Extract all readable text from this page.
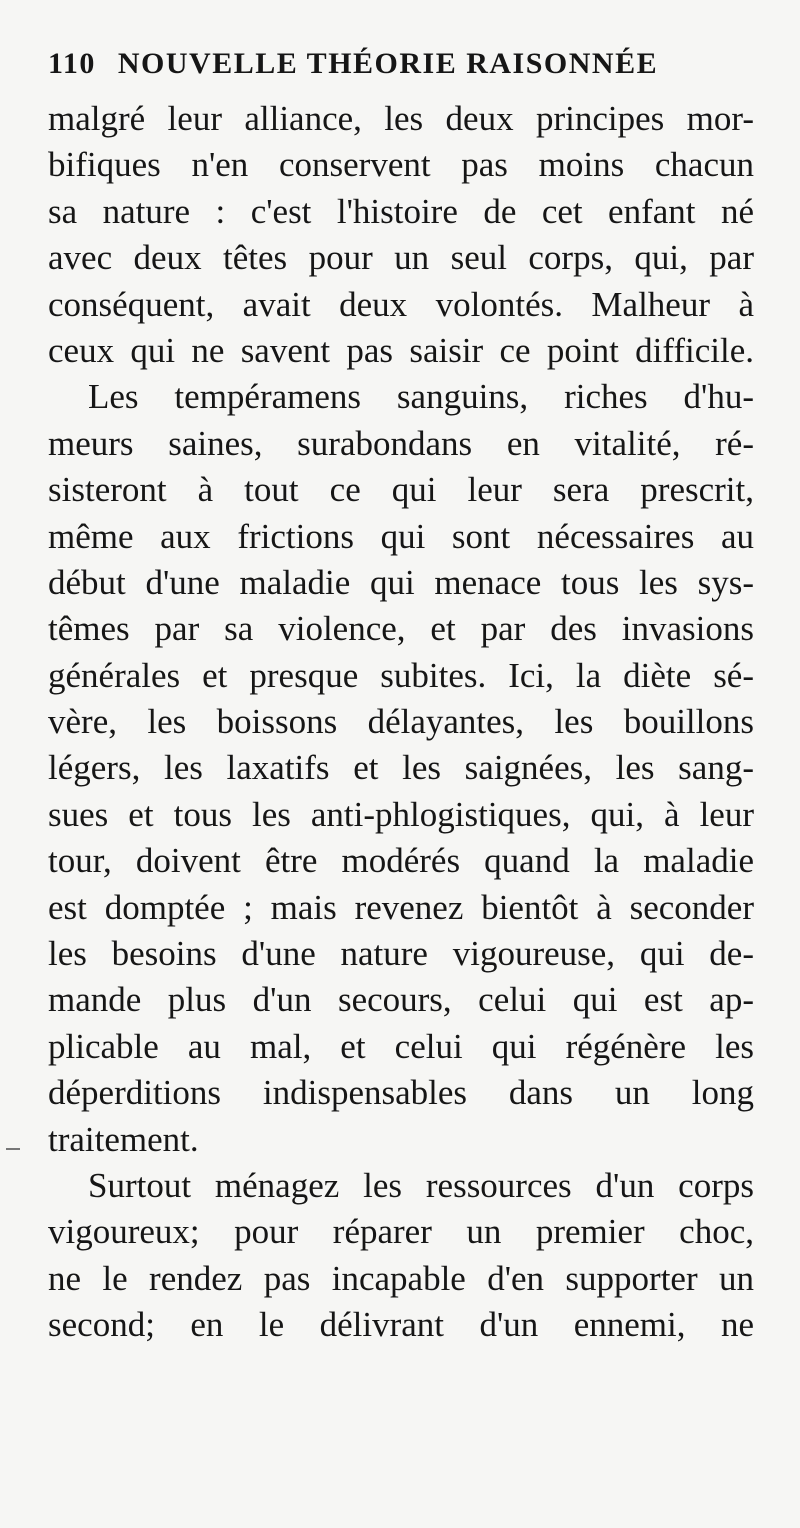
110 NOUVELLE THÉORIE RAISONNÉE
malgré leur alliance, les deux principes mor-
bifiques n'en conservent pas moins chacun
sa nature : c'est l'histoire de cet enfant né
avec deux têtes pour un seul corps, qui, par
conséquent, avait deux volontés. Malheur à
ceux qui ne savent pas saisir ce point difficile.
Les tempéramens sanguins, riches d'hu-
meurs saines, surabondans en vitalité, ré-
sisteront à tout ce qui leur sera prescrit,
même aux frictions qui sont nécessaires au
début d'une maladie qui menace tous les sys-
têmes par sa violence, et par des invasions
générales et presque subites. Ici, la diète sé-
vère, les boissons délayantes, les bouillons
légers, les laxatifs et les saignées, les sang-
sues et tous les anti-phlogistiques, qui, à leur
tour, doivent être modérés quand la maladie
est domptée ; mais revenez bientôt à seconder
les besoins d'une nature vigoureuse, qui de-
mande plus d'un secours, celui qui est ap-
plicable au mal, et celui qui régénère les
déperditions indispensables dans un long
traitement.
Surtout ménagez les ressources d'un corps
vigoureux; pour réparer un premier choc,
ne le rendez pas incapable d'en supporter un
second; en le délivrant d'un ennemi, ne
